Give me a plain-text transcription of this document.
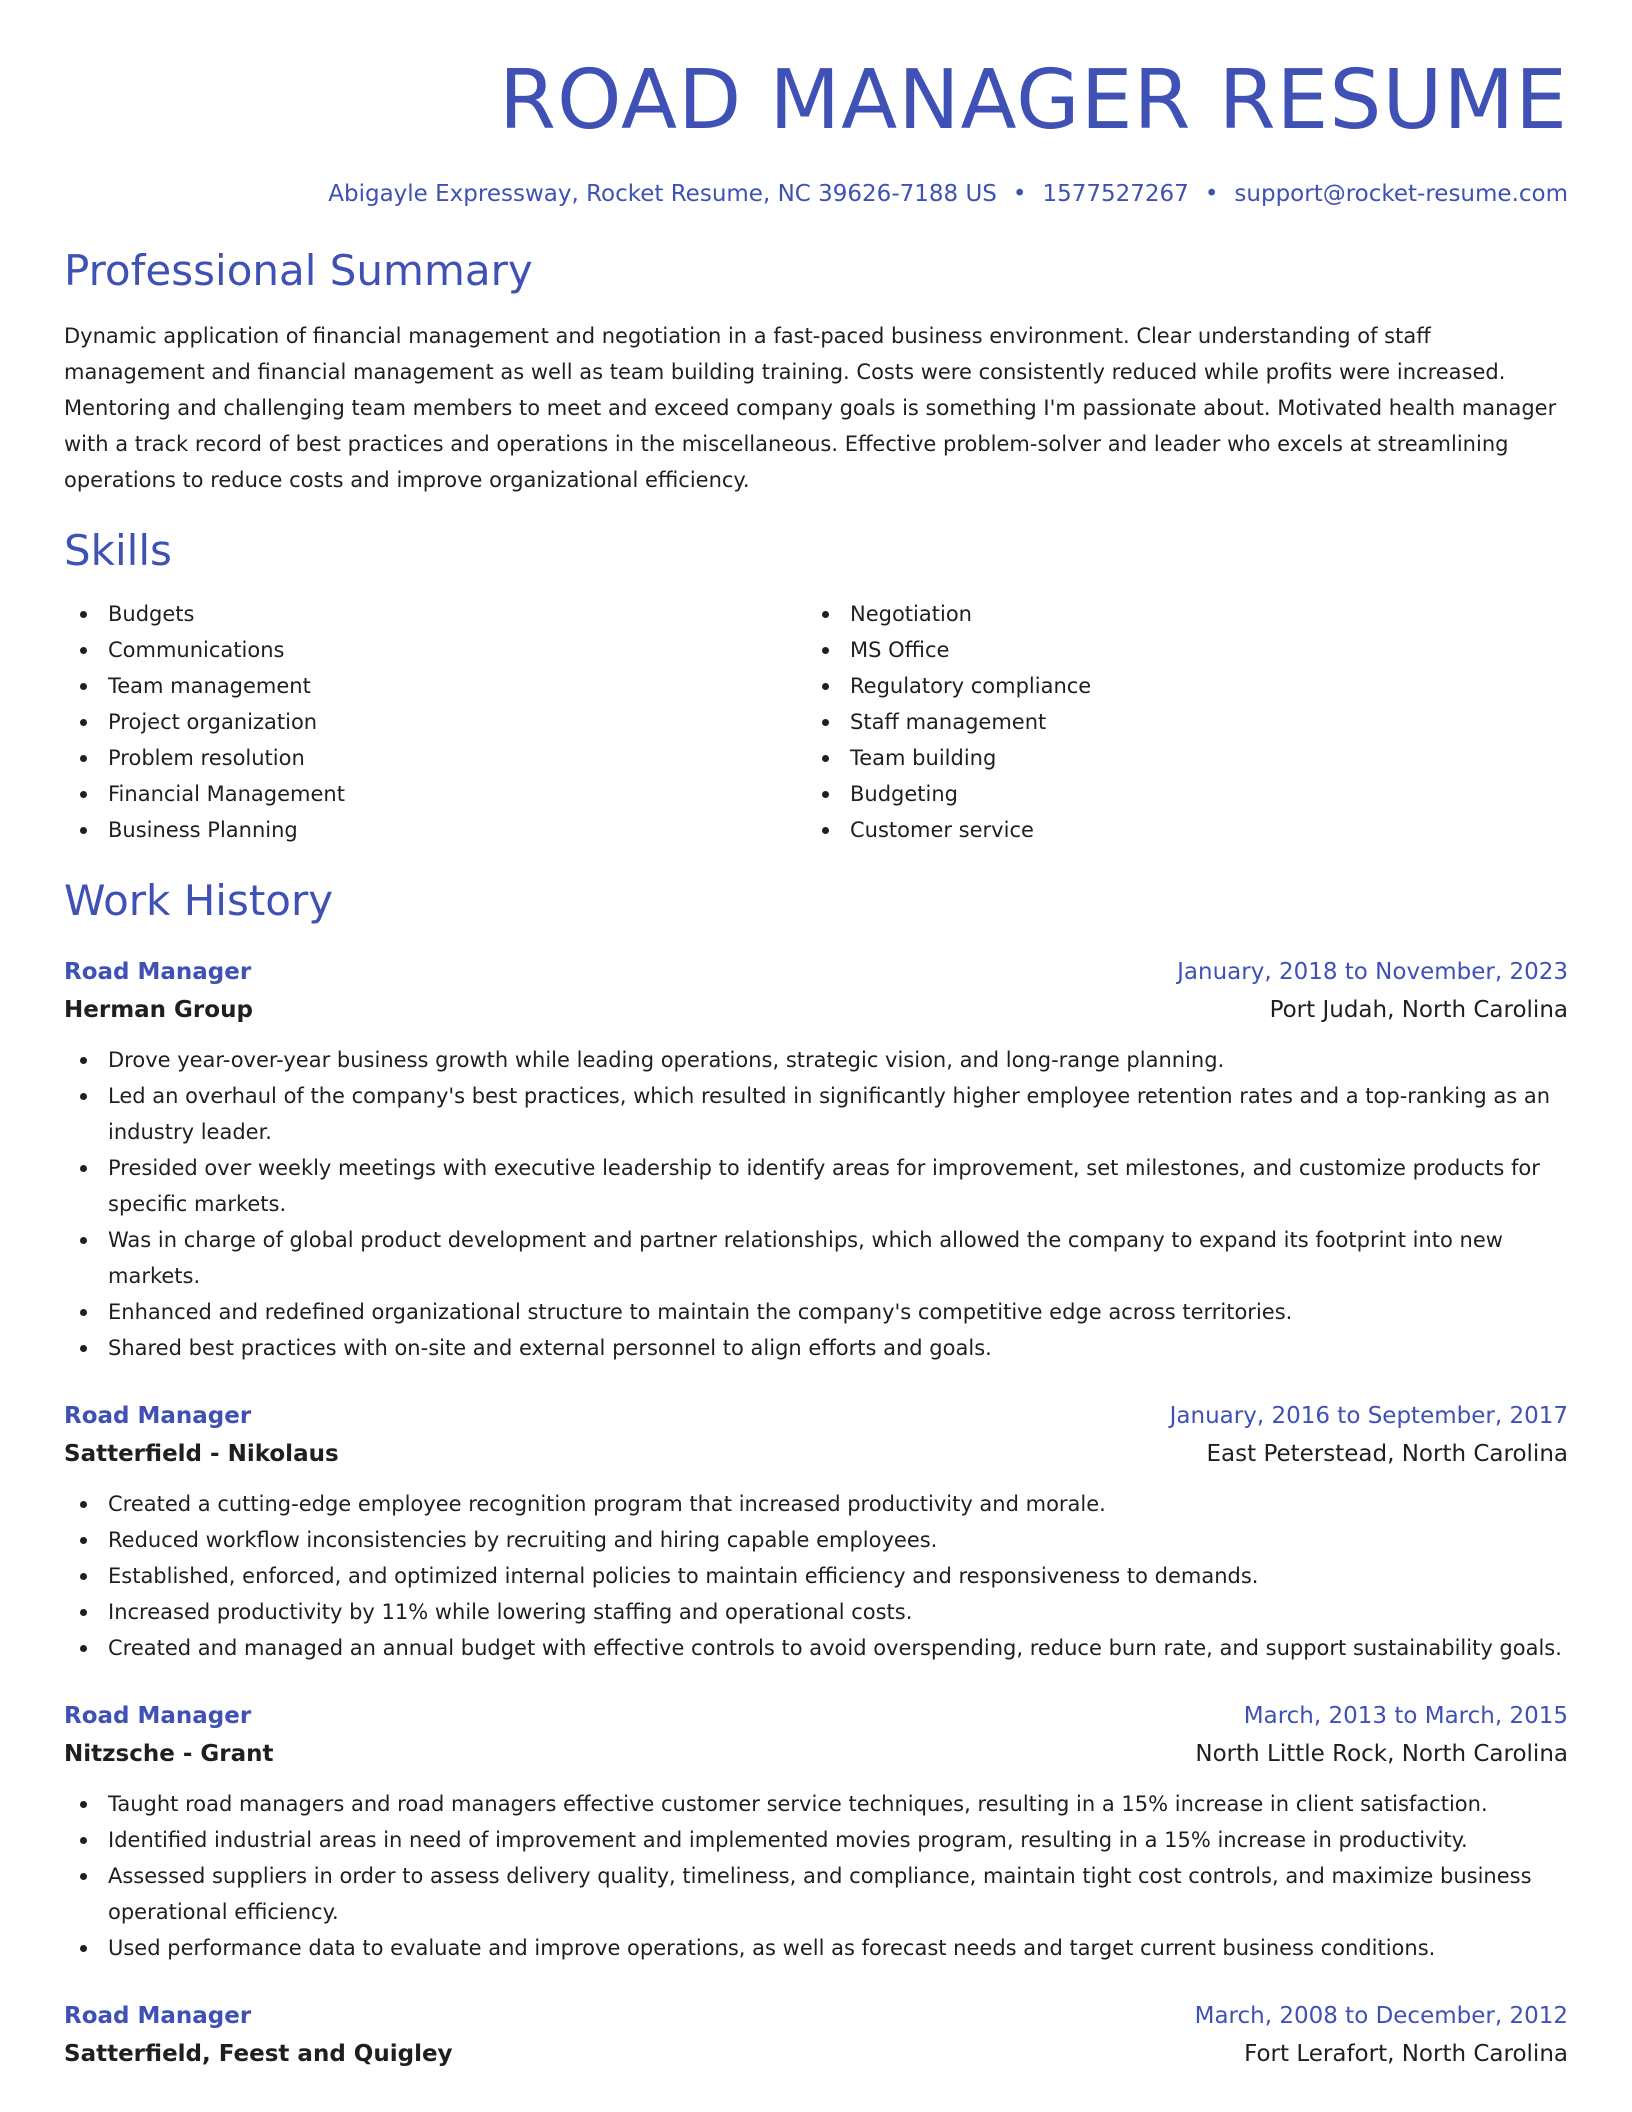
ROAD MANAGER RESUME
Abigayle Expressway, Rocket Resume, NC 39626-7188 US • 1577527267 • support@rocket-resume.com
Professional Summary
Dynamic application of financial management and negotiation in a fast-paced business environment. Clear understanding of staff management and financial management as well as team building training. Costs were consistently reduced while profits were increased. Mentoring and challenging team members to meet and exceed company goals is something I'm passionate about. Motivated health manager with a track record of best practices and operations in the miscellaneous. Effective problem-solver and leader who excels at streamlining operations to reduce costs and improve organizational efficiency.
Skills
Budgets
Communications
Team management
Project organization
Problem resolution
Financial Management
Business Planning
Negotiation
MS Office
Regulatory compliance
Staff management
Team building
Budgeting
Customer service
Work History
Road Manager	January, 2018 to November, 2023
Herman Group	Port Judah, North Carolina
Drove year-over-year business growth while leading operations, strategic vision, and long-range planning.
Led an overhaul of the company's best practices, which resulted in significantly higher employee retention rates and a top-ranking as an industry leader.
Presided over weekly meetings with executive leadership to identify areas for improvement, set milestones, and customize products for specific markets.
Was in charge of global product development and partner relationships, which allowed the company to expand its footprint into new markets.
Enhanced and redefined organizational structure to maintain the company's competitive edge across territories.
Shared best practices with on-site and external personnel to align efforts and goals.
Road Manager	January, 2016 to September, 2017
Satterfield - Nikolaus	East Peterstead, North Carolina
Created a cutting-edge employee recognition program that increased productivity and morale.
Reduced workflow inconsistencies by recruiting and hiring capable employees.
Established, enforced, and optimized internal policies to maintain efficiency and responsiveness to demands.
Increased productivity by 11% while lowering staffing and operational costs.
Created and managed an annual budget with effective controls to avoid overspending, reduce burn rate, and support sustainability goals.
Road Manager	March, 2013 to March, 2015
Nitzsche - Grant	North Little Rock, North Carolina
Taught road managers and road managers effective customer service techniques, resulting in a 15% increase in client satisfaction.
Identified industrial areas in need of improvement and implemented movies program, resulting in a 15% increase in productivity.
Assessed suppliers in order to assess delivery quality, timeliness, and compliance, maintain tight cost controls, and maximize business operational efficiency.
Used performance data to evaluate and improve operations, as well as forecast needs and target current business conditions.
Road Manager	March, 2008 to December, 2012
Satterfield, Feest and Quigley	Fort Lerafort, North Carolina
